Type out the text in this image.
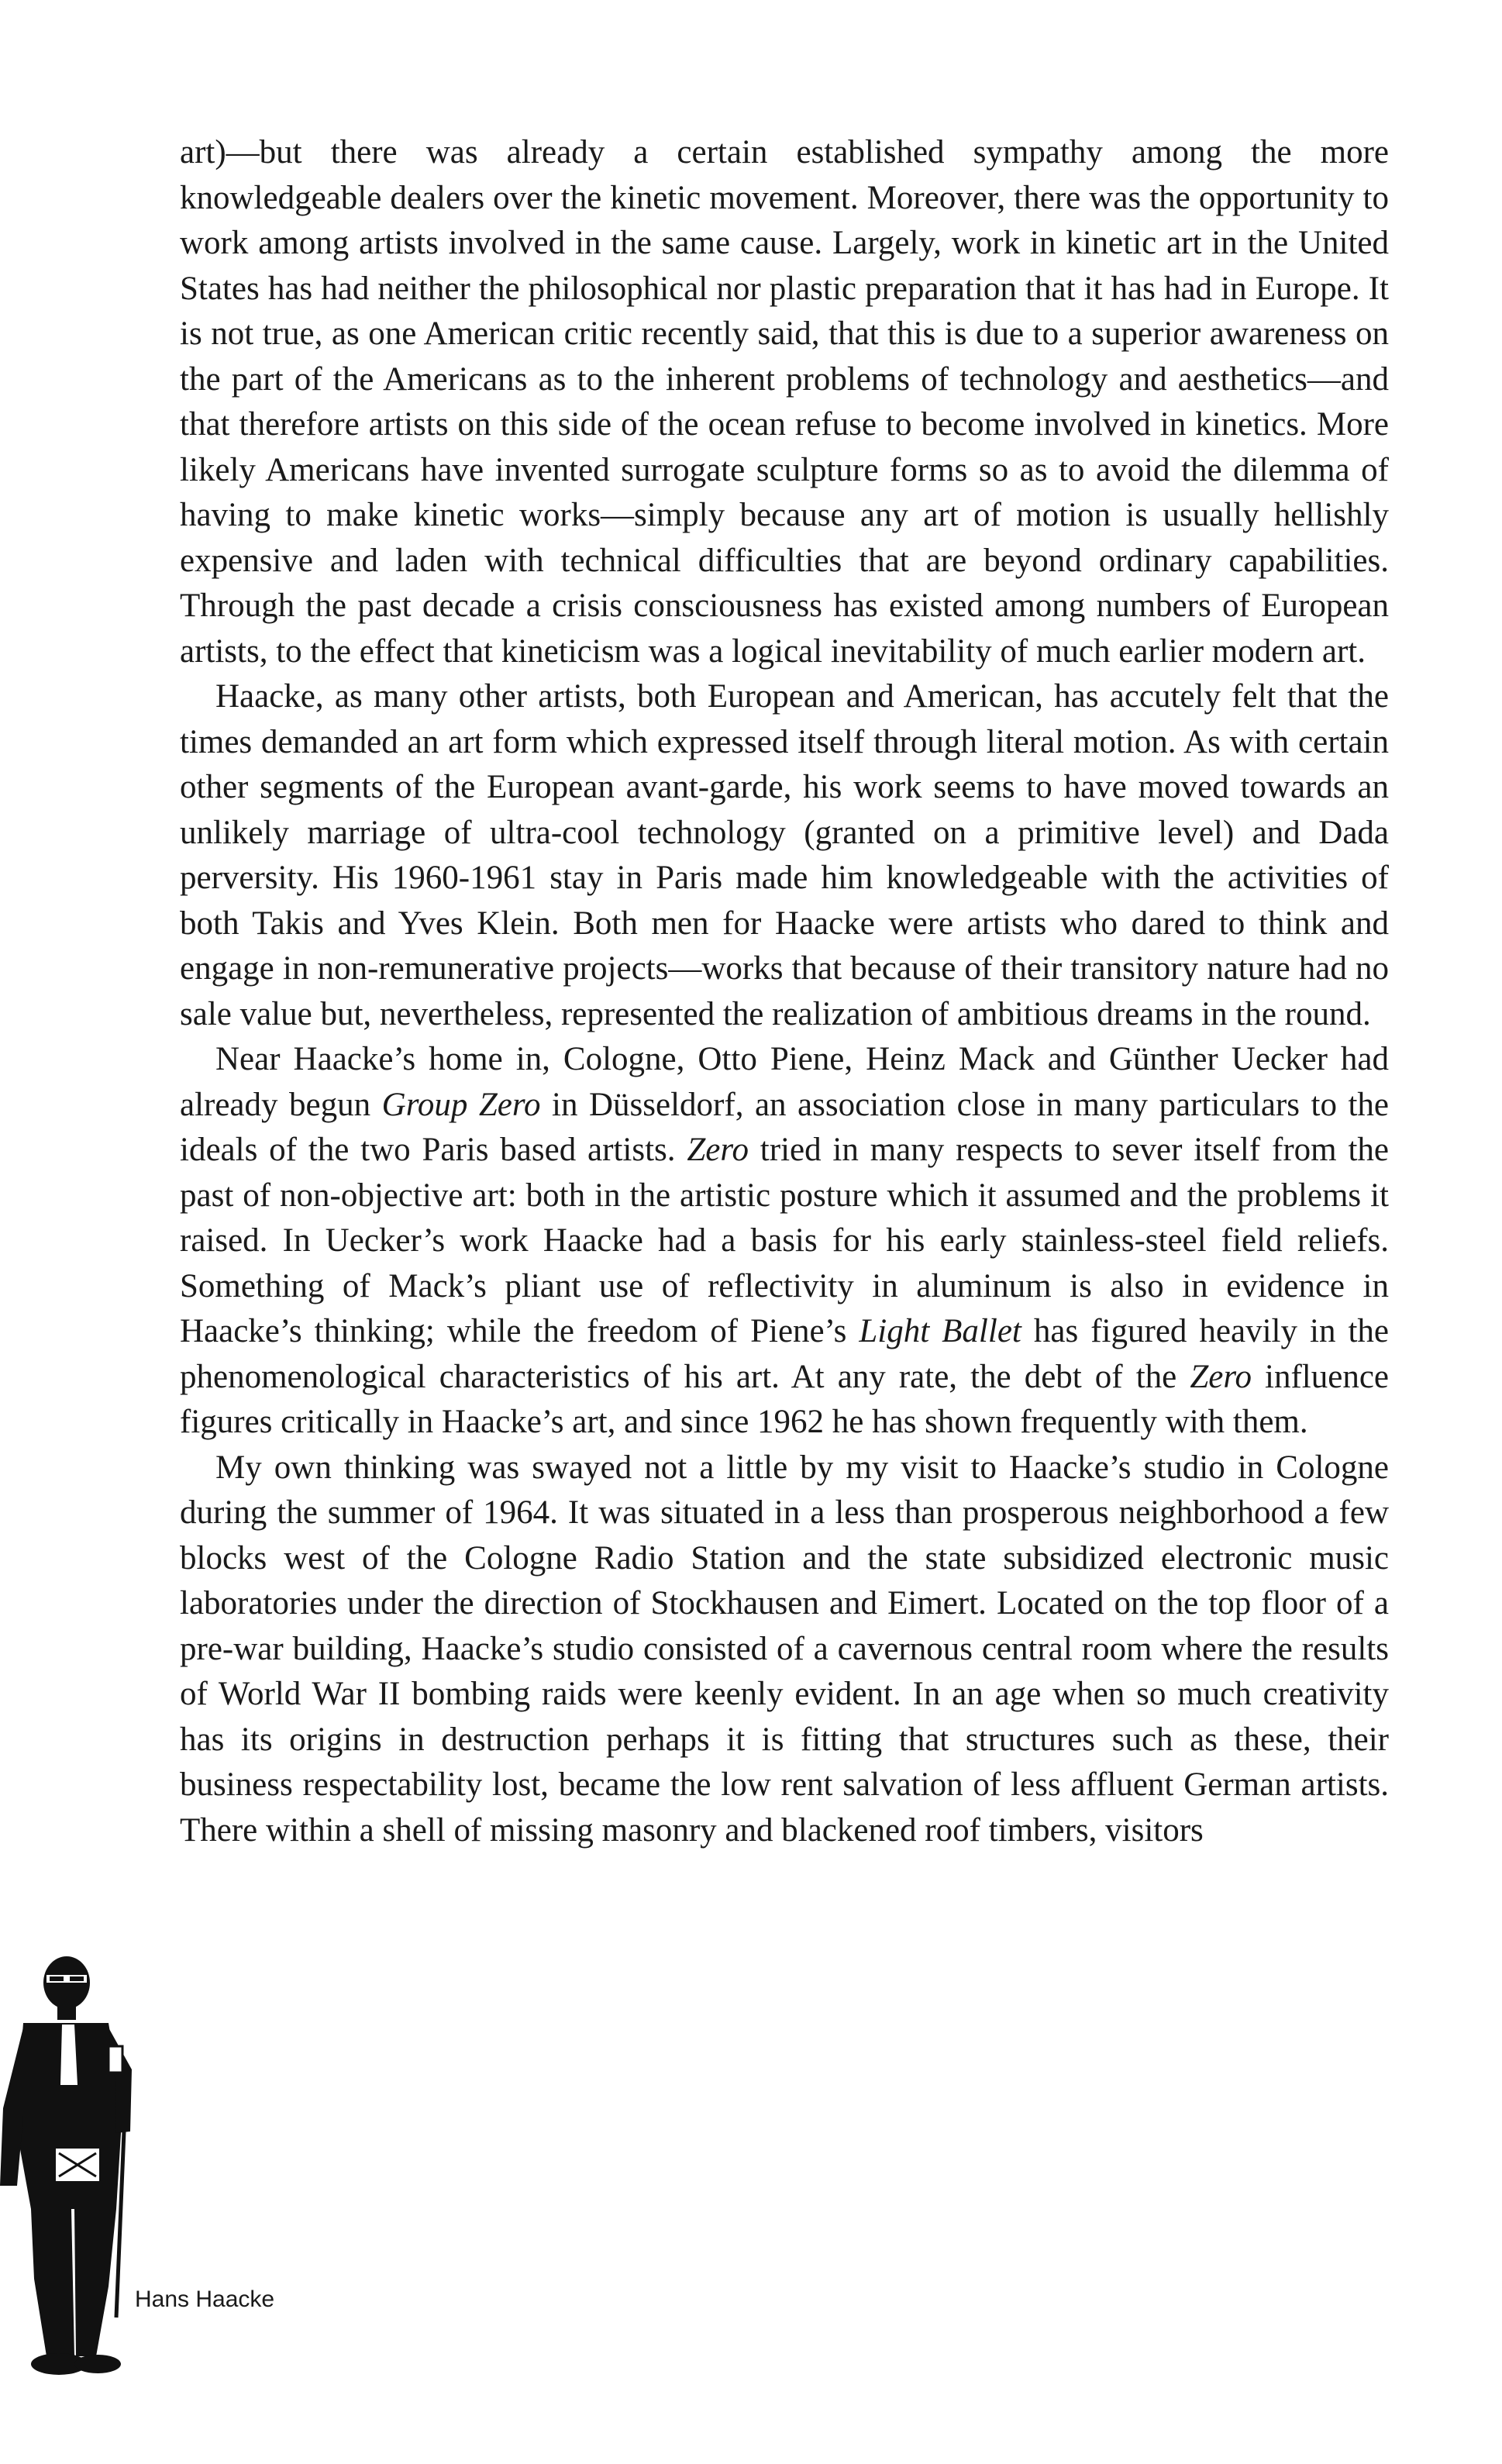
art)—but there was already a certain established sympathy among the more knowledgeable dealers over the kinetic movement. Moreover, there was the opportunity to work among artists involved in the same cause. Largely, work in kinetic art in the United States has had neither the philosophical nor plastic preparation that it has had in Europe. It is not true, as one American critic recently said, that this is due to a superior awareness on the part of the Americans as to the inherent problems of technology and aesthetics—and that therefore artists on this side of the ocean refuse to become involved in kinetics. More likely Americans have invented surrogate sculpture forms so as to avoid the dilemma of having to make kinetic works—simply because any art of motion is usually hellishly expensive and laden with technical difficulties that are beyond ordinary capabilities. Through the past decade a crisis consciousness has existed among numbers of European artists, to the effect that kineticism was a logical inevitability of much earlier modern art.

Haacke, as many other artists, both European and American, has accutely felt that the times demanded an art form which expressed itself through literal motion. As with certain other segments of the European avant-garde, his work seems to have moved towards an unlikely marriage of ultra-cool technology (granted on a primitive level) and Dada perversity. His 1960-1961 stay in Paris made him knowledgeable with the activities of both Takis and Yves Klein. Both men for Haacke were artists who dared to think and engage in non-remunerative projects—works that because of their transitory nature had no sale value but, nevertheless, represented the realization of ambitious dreams in the round.

Near Haacke’s home in, Cologne, Otto Piene, Heinz Mack and Günther Uecker had already begun Group Zero in Düsseldorf, an association close in many particulars to the ideals of the two Paris based artists. Zero tried in many respects to sever itself from the past of non-objective art: both in the artistic posture which it assumed and the problems it raised. In Uecker’s work Haacke had a basis for his early stainless-steel field reliefs. Something of Mack’s pliant use of reflectivity in aluminum is also in evidence in Haacke’s thinking; while the freedom of Piene’s Light Ballet has figured heavily in the phenomenological characteristics of his art. At any rate, the debt of the Zero influence figures critically in Haacke’s art, and since 1962 he has shown frequently with them.

My own thinking was swayed not a little by my visit to Haacke’s studio in Cologne during the summer of 1964. It was situated in a less than prosperous neighborhood a few blocks west of the Cologne Radio Station and the state subsidized electronic music laboratories under the direction of Stockhausen and Eimert. Located on the top floor of a pre-war building, Haacke’s studio consisted of a cavernous central room where the results of World War II bombing raids were keenly evident. In an age when so much creativity has its origins in destruction perhaps it is fitting that structures such as these, their business respectability lost, became the low rent salvation of less affluent German artists. There within a shell of missing masonry and blackened roof timbers, visitors

Hans Haacke
